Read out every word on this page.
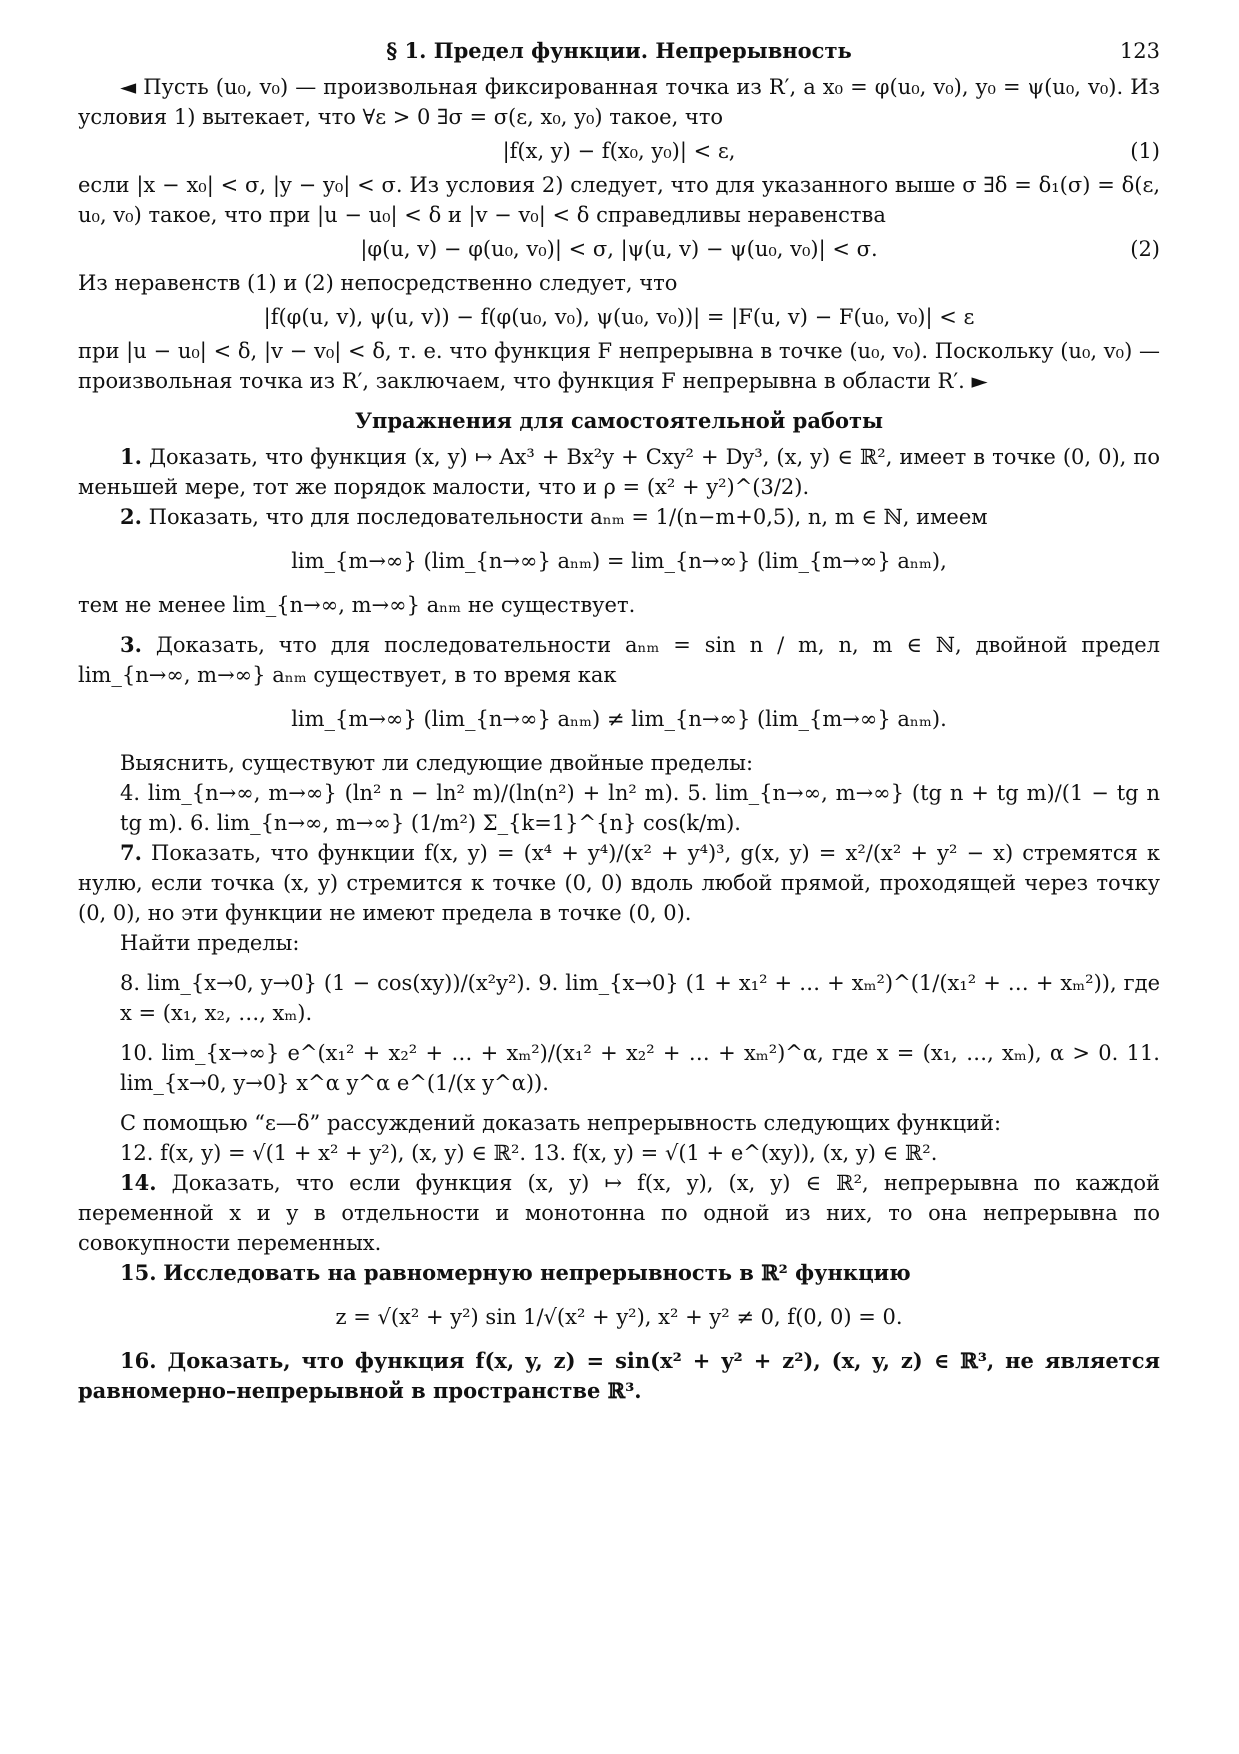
§ 1. Предел функции. Непрерывность	123

◄ Пусть (u₀, v₀) — произвольная фиксированная точка из R′, а x₀ = φ(u₀, v₀), y₀ = ψ(u₀, v₀). Из условия 1) вытекает, что ∀ε > 0 ∃σ = σ(ε, x₀, y₀) такое, что

|f(x, y) − f(x₀, y₀)| < ε,	(1)

если |x − x₀| < σ, |y − y₀| < σ. Из условия 2) следует, что для указанного выше σ ∃δ = δ₁(σ) = δ(ε, u₀, v₀) такое, что при |u − u₀| < δ и |v − v₀| < δ справедливы неравенства

|φ(u, v) − φ(u₀, v₀)| < σ, |ψ(u, v) − ψ(u₀, v₀)| < σ.	(2)

Из неравенств (1) и (2) непосредственно следует, что

|f(φ(u, v), ψ(u, v)) − f(φ(u₀, v₀), ψ(u₀, v₀))| = |F(u, v) − F(u₀, v₀)| < ε

при |u − u₀| < δ, |v − v₀| < δ, т. е. что функция F непрерывна в точке (u₀, v₀). Поскольку (u₀, v₀) — произвольная точка из R′, заключаем, что функция F непрерывна в области R′. ►

Упражнения для самостоятельной работы

1. Доказать, что функция (x, y) ↦ Ax³ + Bx²y + Cxy² + Dy³, (x, y) ∈ ℝ², имеет в точке (0, 0), по меньшей мере, тот же порядок малости, что и ρ = (x² + y²)^(3/2).

2. Показать, что для последовательности aₙₘ = 1/(n−m+0,5), n, m ∈ ℕ, имеем

lim_{m→∞} (lim_{n→∞} aₙₘ) = lim_{n→∞} (lim_{m→∞} aₙₘ),

тем не менее lim_{n→∞, m→∞} aₙₘ не существует.

3. Доказать, что для последовательности aₙₘ = sin n / m, n, m ∈ ℕ, двойной предел lim_{n→∞, m→∞} aₙₘ существует, в то время как

lim_{m→∞} (lim_{n→∞} aₙₘ) ≠ lim_{n→∞} (lim_{m→∞} aₙₘ).

Выяснить, существуют ли следующие двойные пределы:

4. lim_{n→∞, m→∞} (ln² n − ln² m)/(ln(n²) + ln² m). 5. lim_{n→∞, m→∞} (tg n + tg m)/(1 − tg n tg m). 6. lim_{n→∞, m→∞} (1/m²) Σ_{k=1}^{n} cos(k/m).

7. Показать, что функции f(x, y) = (x⁴ + y⁴)/(x² + y⁴)³, g(x, y) = x²/(x² + y² − x) стремятся к нулю, если точка (x, y) стремится к точке (0, 0) вдоль любой прямой, проходящей через точку (0, 0), но эти функции не имеют предела в точке (0, 0).

Найти пределы:

8. lim_{x→0, y→0} (1 − cos(xy))/(x²y²). 9. lim_{x→0} (1 + x₁² + … + xₘ²)^(1/(x₁² + … + xₘ²)), где x = (x₁, x₂, …, xₘ).

10. lim_{x→∞} e^(x₁² + x₂² + … + xₘ²)/(x₁² + x₂² + … + xₘ²)^α, где x = (x₁, …, xₘ), α > 0. 11. lim_{x→0, y→0} x^α y^α e^(1/(x y^α)).

С помощью “ε—δ” рассуждений доказать непрерывность следующих функций:

12. f(x, y) = √(1 + x² + y²), (x, y) ∈ ℝ². 13. f(x, y) = √(1 + e^(xy)), (x, y) ∈ ℝ².

14. Доказать, что если функция (x, y) ↦ f(x, y), (x, y) ∈ ℝ², непрерывна по каждой переменной x и y в отдельности и монотонна по одной из них, то она непрерывна по совокупности переменных.

15. Исследовать на равномерную непрерывность в ℝ² функцию

z = √(x² + y²) sin 1/√(x² + y²), x² + y² ≠ 0, f(0, 0) = 0.

16. Доказать, что функция f(x, y, z) = sin(x² + y² + z²), (x, y, z) ∈ ℝ³, не является равномерно–непрерывной в пространстве ℝ³.
